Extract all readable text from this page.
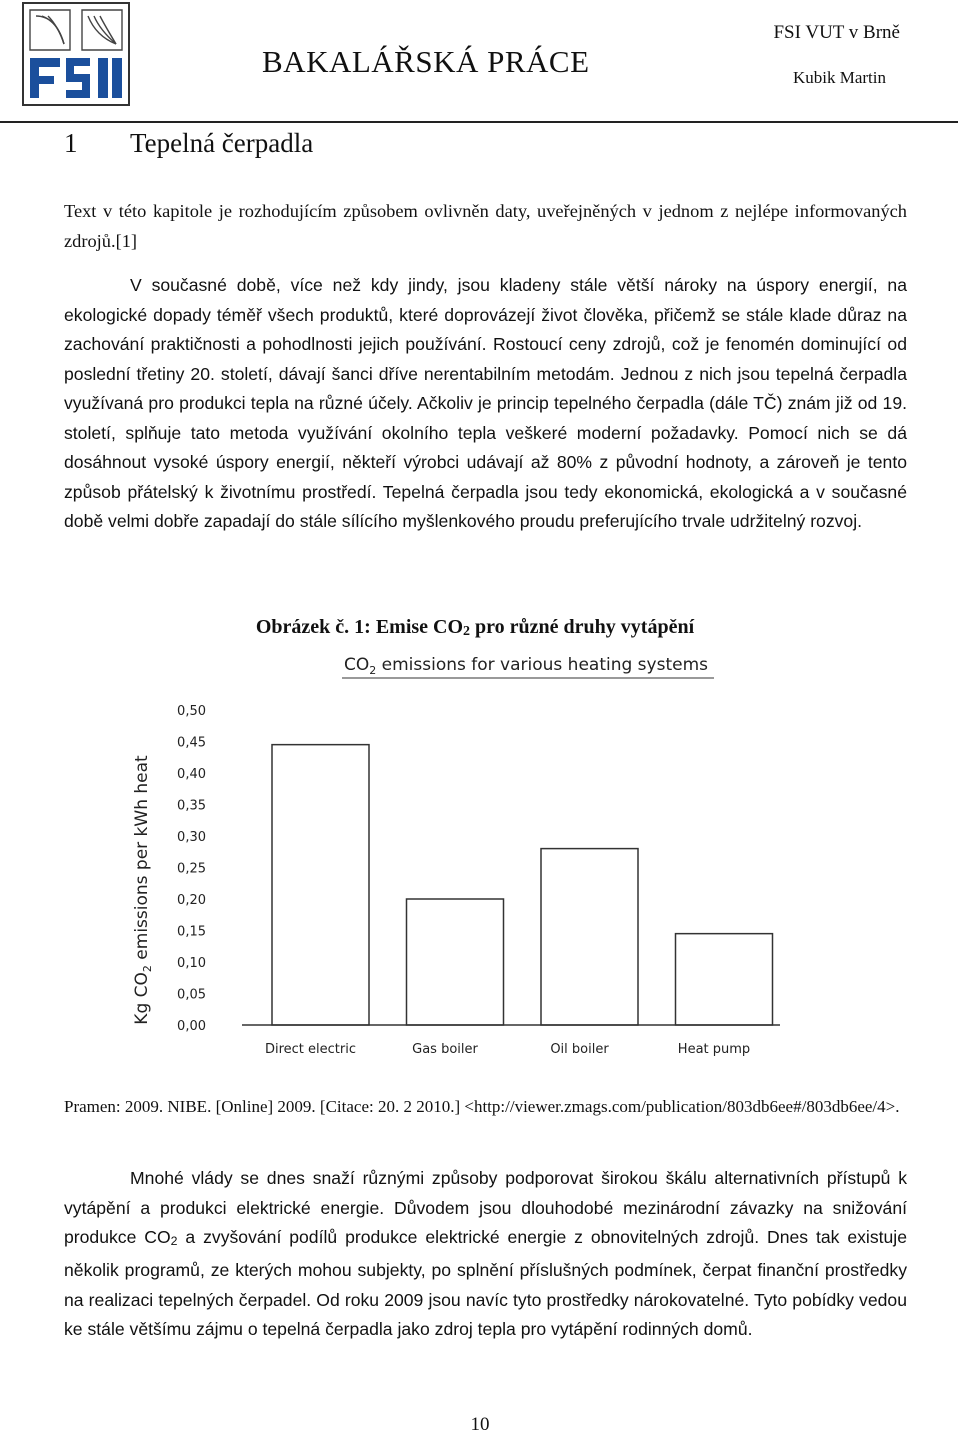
BAKALÁŘSKÁ PRÁCE
FSI VUT v Brně
Kubik Martin
1 Tepelná čerpadla

Text v této kapitole je rozhodujícím způsobem ovlivněn daty, uveřejněných v jednom z nejlépe informovaných zdrojů.[1]

V současné době, více než kdy jindy, jsou kladeny stále větší nároky na úspory energií, na ekologické dopady téměř všech produktů, které doprovázejí život člověka, přičemž se stále klade důraz na zachování praktičnosti a pohodlnosti jejich používání. Rostoucí ceny zdrojů, což je fenomén dominující od poslední třetiny 20. století, dávají šanci dříve nerentabilním metodám. Jednou z nich jsou tepelná čerpadla využívaná pro produkci tepla na různé účely. Ačkoliv je princip tepelného čerpadla (dále TČ) znám již od 19. století, splňuje tato metoda využívání okolního tepla veškeré moderní požadavky. Pomocí nich se dá dosáhnout vysoké úspory energií, někteří výrobci udávají až 80% z původní hodnoty, a zároveň je tento způsob přátelský k životnímu prostředí. Tepelná čerpadla jsou tedy ekonomická, ekologická a v současné době velmi dobře zapadají do stále sílícího myšlenkového proudu preferujícího trvale udržitelný rozvoj.

Obrázek č. 1: Emise CO2 pro různé druhy vytápění
$CO_2$ emissions for various heating systems
Kg $CO_2$ emissions per kWh heat
0,50
0,45
0,40
0,35
0,30
0,25
0,20
0,15
0,10
0,05
0,00
Direct electric	Gas boiler	Oil boiler	Heat pump
Pramen: 2009. NIBE. [Online] 2009. [Citace: 20. 2 2010.] <http://viewer.zmags.com/publication/803db6ee#/803db6ee/4>.

Mnohé vlády se dnes snaží různými způsoby podporovat širokou škálu alternativních přístupů k vytápění a produkci elektrické energie. Důvodem jsou dlouhodobé mezinárodní závazky na snižování produkce CO2 a zvyšování podílů produkce elektrické energie z obnovitelných zdrojů. Dnes tak existuje několik programů, ze kterých mohou subjekty, po splnění příslušných podmínek, čerpat finanční prostředky na realizaci tepelných čerpadel. Od roku 2009 jsou navíc tyto prostředky nárokovatelné. Tyto pobídky vedou ke stále většímu zájmu o tepelná čerpadla jako zdroj tepla pro vytápění rodinných domů.

10
